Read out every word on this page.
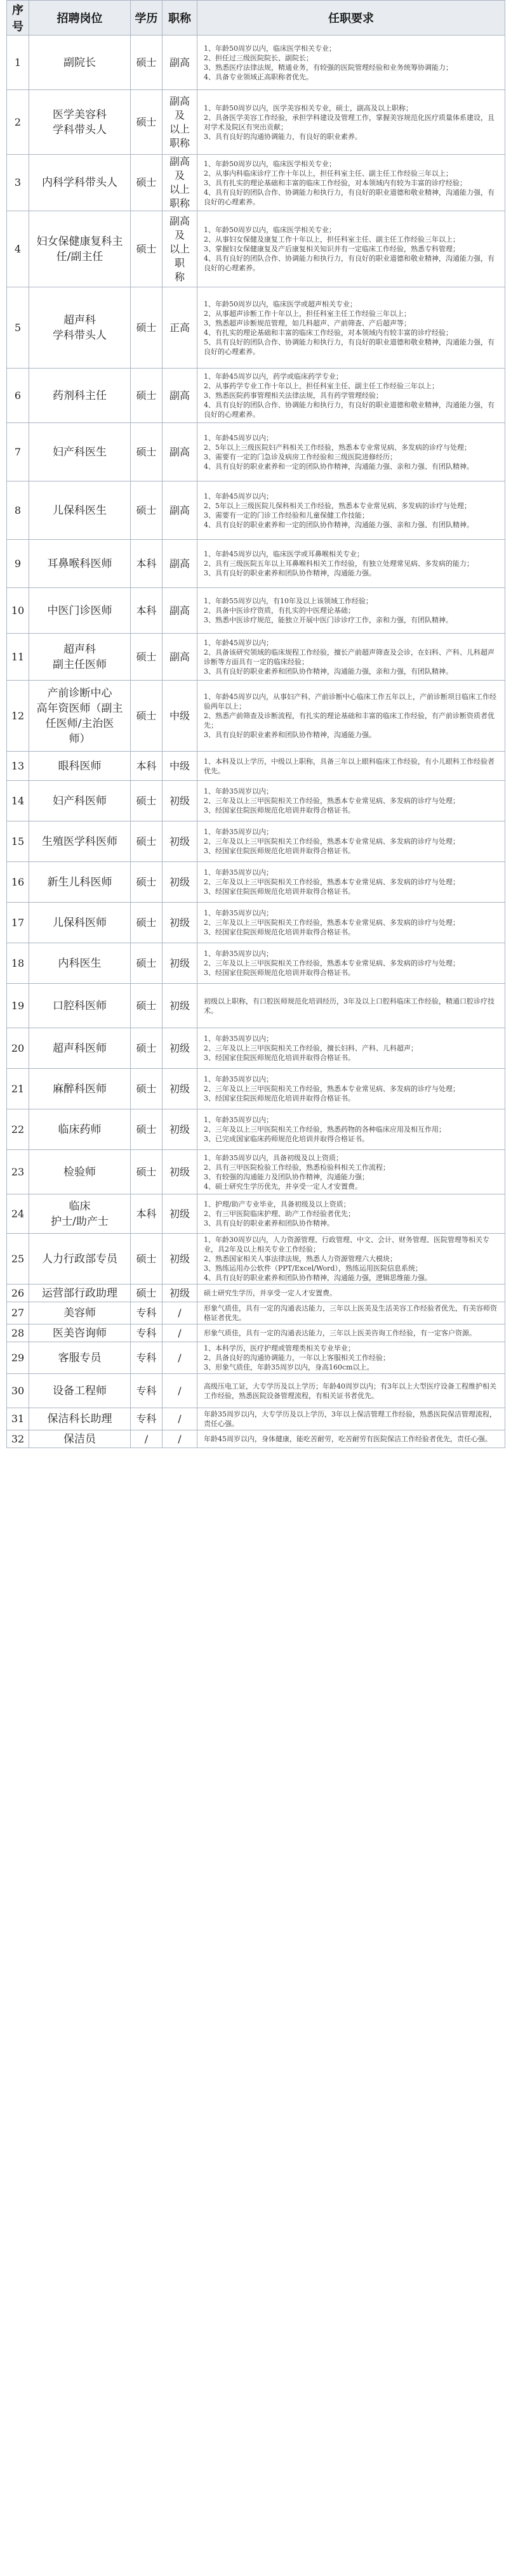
序号	招聘岗位	学历	职称	任职要求
1	副院长	硕士	副高	1、年龄50周岁以内，临床医学相关专业；
2、担任过三级医院院长、副院长；
3、熟悉医疗法律法规，精通业务，有较强的医院管理经验和业务统筹协调能力；
4、具备专业领域正高职称者优先。
2	医学美容科
学科带头人	硕士	副高及
以上职称	1、年龄50周岁以内，医学美容相关专业，硕士，副高及以上职称；
2、具备医学美容工作经验，承担学科建设及管理工作，掌握美容规范化医疗质量体系建设，且对学术及院区有突出贡献；
3、具有良好的沟通协调能力，有良好的职业素养。
3	内科学科带头人	硕士	副高及
以上职称	1、年龄50周岁以内，临床医学相关专业；
2、从事内科临床诊疗工作十年以上，担任科室主任、副主任工作经验三年以上；
3、具有扎实的理论基础和丰富的临床工作经验，对本领域内有较为丰富的诊疗经验；
4、具有良好的团队合作、协调能力和执行力，有良好的职业道德和敬业精神，沟通能力强，有良好的心理素养。
4	妇女保健康复科主
任/副主任	硕士	副高及
以上职
称	1、年龄50周岁以内，临床医学相关专业；
2、从事妇女保健及康复工作十年以上，担任科室主任、副主任工作经验三年以上；
3、掌握妇女保健康复及产后康复相关知识并有一定临床工作经验，熟悉专科管理；
4、具有良好的团队合作、协调能力和执行力，有良好的职业道德和敬业精神，沟通能力强，有良好的心理素养。
5	超声科
学科带头人	硕士	正高	1、年龄50周岁以内，临床医学或超声相关专业；
2、从事超声诊断工作十年以上，担任科室主任工作经验三年以上；
3、熟悉超声诊断规范管理，如几科超声、产前筛查、产后超声等；
4、有扎实的理论基础和丰富的临床工作经验，对本领域内有较丰富的诊疗经验；
5、具有良好的团队合作、协调能力和执行力，有良好的职业道德和敬业精神，沟通能力强，有良好的心理素养。
6	药剂科主任	硕士	副高	1、年龄45周岁以内，药学或临床药学专业；
2、从事药学专业工作十年以上，担任科室主任、副主任工作经验三年以上；
3、熟悉医院药事管理相关法律法规，具有药学管理经验；
4、具有良好的团队合作、协调能力和执行力，有良好的职业道德和敬业精神，沟通能力强，有良好的心理素养。
7	妇产科医生	硕士	副高	1、年龄45周岁以内；
2、5年以上三级医院妇产科相关工作经验，熟悉本专业常见病、多发病的诊疗与处理；
3、需要有一定的门急诊及病房工作经验和三级医院进修经历；
4、具有良好的职业素养和一定的团队协作精神，沟通能力强、亲和力强、有团队精神。
8	儿保科医生	硕士	副高	1、年龄45周岁以内；
2、5年以上三级医院儿保科相关工作经验，熟悉本专业常见病、多发病的诊疗与处理；
3、需要有一定的门诊工作经验和儿童保健工作技能；
4、具有良好的职业素养和一定的团队协作精神，沟通能力强、亲和力强、有团队精神。
9	耳鼻喉科医师	本科	副高	1、年龄45周岁以内，临床医学或耳鼻喉相关专业；
2、具有三级医院五年以上耳鼻喉科相关工作经验，有独立处理常见病、多发病的能力；
3、具有良好的职业素养和团队协作精神，沟通能力强。
10	中医门诊医师	本科	副高	1、年龄55周岁以内，有10年及以上该领域工作经验；
2、具备中医诊疗资质，有扎实的中医理论基础；
3、熟悉中医诊疗规范，能独立开展中医门诊诊疗工作，亲和力强，有团队精神。
11	超声科
副主任医师	硕士	副高	1、年龄45周岁以内；
2、具备该研究领域的临床规程工作经验，擅长产前超声筛查及会诊，在妇科、产科、儿科超声诊断等方面具有一定的临床经验；
3、具有良好的职业素养和团队协作精神，沟通能力强，亲和力强，有团队精神。
12	产前诊断中心
高年资医师（副主
任医师/主治医
师）	硕士	中级	1、年龄45周岁以内，从事妇产科、产前诊断中心临床工作五年以上，产前诊断项目临床工作经验两年以上；
2、熟悉产前筛查及诊断流程，有扎实的理论基础和丰富的临床工作经验，有产前诊断资质者优先；
3、具有良好的职业素养和团队协作精神，沟通能力强。
13	眼科医师	本科	中级	1、本科及以上学历，中级以上职称，具备三年以上眼科临床工作经验，有小儿眼科工作经验者优先。
14	妇产科医师	硕士	初级	1、年龄35周岁以内；
2、三年及以上三甲医院相关工作经验，熟悉本专业常见病、多发病的诊疗与处理；
3、经国家住院医师规范化培训并取得合格证书。
15	生殖医学科医师	硕士	初级	1、年龄35周岁以内；
2、三年及以上三甲医院相关工作经验，熟悉本专业常见病、多发病的诊疗与处理；
3、经国家住院医师规范化培训并取得合格证书。
16	新生儿科医师	硕士	初级	1、年龄35周岁以内；
2、三年及以上三甲医院相关工作经验，熟悉本专业常见病、多发病的诊疗与处理；
3、经国家住院医师规范化培训并取得合格证书。
17	儿保科医师	硕士	初级	1、年龄35周岁以内；
2、三年及以上三甲医院相关工作经验，熟悉本专业常见病、多发病的诊疗与处理；
3、经国家住院医师规范化培训并取得合格证书。
18	内科医生	硕士	初级	1、年龄35周岁以内；
2、三年及以上三甲医院相关工作经验，熟悉本专业常见病、多发病的诊疗与处理；
3、经国家住院医师规范化培训并取得合格证书。
19	口腔科医师	硕士	初级	初级以上职称，有口腔医师规范化培训经历，3年及以上口腔科临床工作经验，精通口腔诊疗技术。
20	超声科医师	硕士	初级	1、年龄35周岁以内；
2、三年及以上三甲医院相关工作经验，擅长妇科、产科、儿科超声；
3、经国家住院医师规范化培训并取得合格证书。
21	麻醉科医师	硕士	初级	1、年龄35周岁以内；
2、三年及以上三甲医院相关工作经验，熟悉本专业常见病、多发病的诊疗与处理；
3、经国家住院医师规范化培训并取得合格证书。
22	临床药师	硕士	初级	1、年龄35周岁以内；
2、三年及以上三甲医院相关工作经验，熟悉药物的各种临床应用及相互作用；
3、已完成国家临床药师规范化培训并取得合格证书。
23	检验师	硕士	初级	1、年龄35周岁以内，具备初级及以上资质；
2、具有三甲医院检验工作经验，熟悉检验科相关工作流程；
3、有较强的沟通能力及团队协作精神，沟通能力强；
4、硕士研究生学历优先，并享受一定人才安置费。
24	临床
护士/助产士	本科	初级	1、护理/助产专业毕业，具备初级及以上资质；
2、有三甲医院临床护理、助产工作经验者优先；
3、具有良好的职业素养和团队协作精神。
25	人力行政部专员	硕士	初级	1、年龄30周岁以内，人力资源管理、行政管理、中文、会计、财务管理、医院管理等相关专业，具2年及以上相关专业工作经验；
2、熟悉国家相关人事法律法规，熟悉人力资源管理六大模块；
3、熟练运用办公软件（PPT/Excel/Word），熟练运用医院信息系统；
4、具有良好的职业素养和团队协作精神，沟通能力强，逻辑思维能力强。
26	运营部行政助理	硕士	初级	硕士研究生学历，并享受一定人才安置费。
27	美容师	专科	/	形象气质佳，具有一定的沟通表达能力，三年以上医美及生活美容工作经验者优先，有美容师资格证者优先。
28	医美咨询师	专科	/	形象气质佳，具有一定的沟通表达能力，三年以上医美咨询工作经验，有一定客户资源。
29	客服专员	专科	/	1、本科学历，医疗护理或管理类相关专业毕业；
2、具备良好的沟通协调能力，一年以上客服相关工作经验；
3、形象气质佳，年龄35周岁以内，身高160cm以上。
30	设备工程师	专科	/	高级压电工证，大专学历及以上学历；年龄40周岁以内；有3年以上大型医疗设备工程维护相关工作经验，熟悉医院设备管理流程，有相关证书者优先。
31	保洁科长助理	专科	/	年龄35周岁以内，大专学历及以上学历，3年以上保洁管理工作经验，熟悉医院保洁管理流程，责任心强。
32	保洁员	/	/	年龄45周岁以内，身体健康，能吃苦耐劳，吃苦耐劳有医院保洁工作经验者优先，责任心强。
